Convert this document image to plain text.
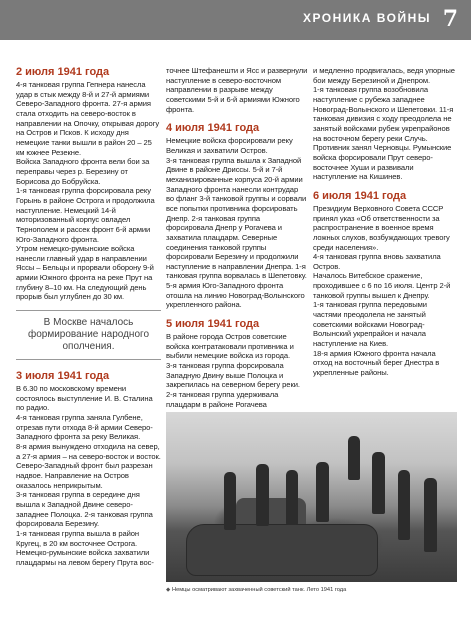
ХРОНИКА ВОЙНЫ 7
2 июля 1941 года

4-я танковая группа Гепнера нанесла удар в стык между 8-й и 27-й армиями Северо-Западного фронта. 27-я армия стала отходить на северо-восток в направлении на Опочку, открывая дорогу на Остров и Псков. К исходу дня немецкие танки вышли в район 20 – 25 км южнее Резекне.

Войска Западного фронта вели бои за переправы через р. Березину от Борисова до Бобруйска.

1-я танковая группа форсировала реку Горынь в районе Острога и продолжила наступление. Немецкий 14-й моторизованный корпус овладел Тернополем и рассек фронт 6-й армии Юго-Западного фронта.

Утром немецко-румынские войска нанесли главный удар в направлении Яссы – Бельцы и прорвали оборону 9-й армии Южного фронта на реке Прут на глубину 8–10 км. На следующий день прорыв был углублен до 30 км.

В Москве началось формирование народного ополчения.
3 июля 1941 года

В 6.30 по московскому времени состоялось выступление И. В. Сталина по радио.

4-я танковая группа заняла Гулбене, отрезав пути отхода 8-й армии Северо-Западного фронта за реку Великая.

8-я армия вынуждено отходила на север, а 27-я армия – на северо-восток и восток. Северо-Западный фронт был разрезан надвое. Направление на Остров оказалось неприкрытым.

3-я танковая группа в середине дня вышла к Западной Двине северо-западнее Полоцка. 2-я танковая группа форсировала Березину.

1-я танковая группа вышла в район Кругец, в 20 км восточнее Острога.

Немецко-румынские войска захватили плацдармы на левом берегу Прута вос-

точнее Штефанешти и Ясс и развернули наступление в северо-восточном направлении в разрыве между советскими 5-й и 6-й армиями Южного фронта.

4 июля 1941 года

Немецкие войска форсировали реку Великая и захватили Остров.

3-я танковая группа вышла к Западной Двине в районе Дриссы. 5-й и 7-й механизированные корпуса 20-й армии Западного фронта нанесли контрудар во фланг 3-й танковой группы и сорвали все попытки противника форсировать Днепр. 2-я танковая группа форсировала Днепр у Рогачева и захватила плацдарм. Северные соединения танковой группы форсировали Березину и продолжили наступление в направлении Днепра. 1-я танковая группа ворвалась в Шепетовку. 5-я армия Юго-Западного фронта отошла на линию Новоград-Волынского укрепленного района.

5 июля 1941 года

В районе города Остров советские войска контратаковали противника и выбили немецкие войска из города.

3-я танковая группа форсировала Западную Двину выше Полоцка и закрепилась на северном берегу реки. 2-я танковая группа удерживала плацдарм в районе Рогачева

и медленно продвигалась, ведя упорные бои между Березиной и Днепром.

1-я танковая группа возобновила наступление с рубежа западнее Новоград-Волынского и Шепетовки. 11-я танковая дивизия с ходу преодолела не занятый войсками рубеж укрепрайонов на восточном берегу реки Случь.

Противник занял Черновцы. Румынские войска форсировали Прут северо-восточнее Хуши и развивали наступление на Кишинев.

6 июля 1941 года

Президиум Верховного Совета СССР принял указ «Об ответственности за распространение в военное время ложных слухов, возбуждающих тревогу среди населения».

4-я танковая группа вновь захватила Остров.

Началось Витебское сражение, проходившее с 6 по 16 июля. Центр 2-й танковой группы вышел к Днепру.

1-я танковая группа передовыми частями преодолела не занятый советскими войсками Новоград-Волынский укрепрайон и начала наступление на Киев.

18-я армия Южного фронта начала отход на восточный берег Днестра в укрепленные районы.

◆ Немцы осматривают захваченный советский танк. Лето 1941 года
